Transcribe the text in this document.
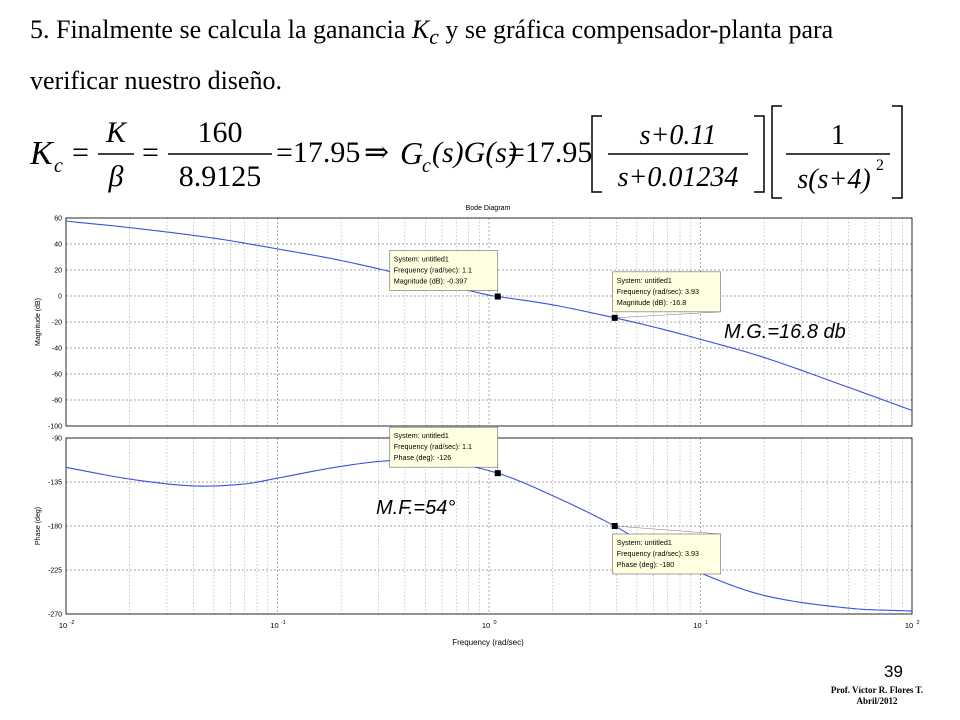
5. Finalmente se calcula la ganancia $K_c$ y se gráfica compensador-planta para
verificar nuestro diseño.
K c =
K
β
=
160
8.9125
=17.95 ⇒ G
c (s)G(s)
=17.95
s+0.11
s+0.01234
1
s(s+4) 2
Bode Diagram
60
40
20
0
-20
-40
-60
-80
-100
Magnitude (dB)
System: untitled1
Frequency (rad/sec): 1.1
Magnitude (dB): -0.397	System: untitled1
Frequency (rad/sec): 3.93
Magnitude (dB): -16.8
M.G.=16.8 db
-90
-135
-180
-225
-270
Phase (deg)
System: untitled1
Frequency (rad/sec): 1.1
Phase (deg): -126
System: untitled1
Frequency (rad/sec): 3.93
Phase (deg): -180
M.F.=54°
10 -2	10 -1	10 0	10 1	10 2
Frequency (rad/sec)
39
Prof. Víctor R. Flores T.
Abril/2012
